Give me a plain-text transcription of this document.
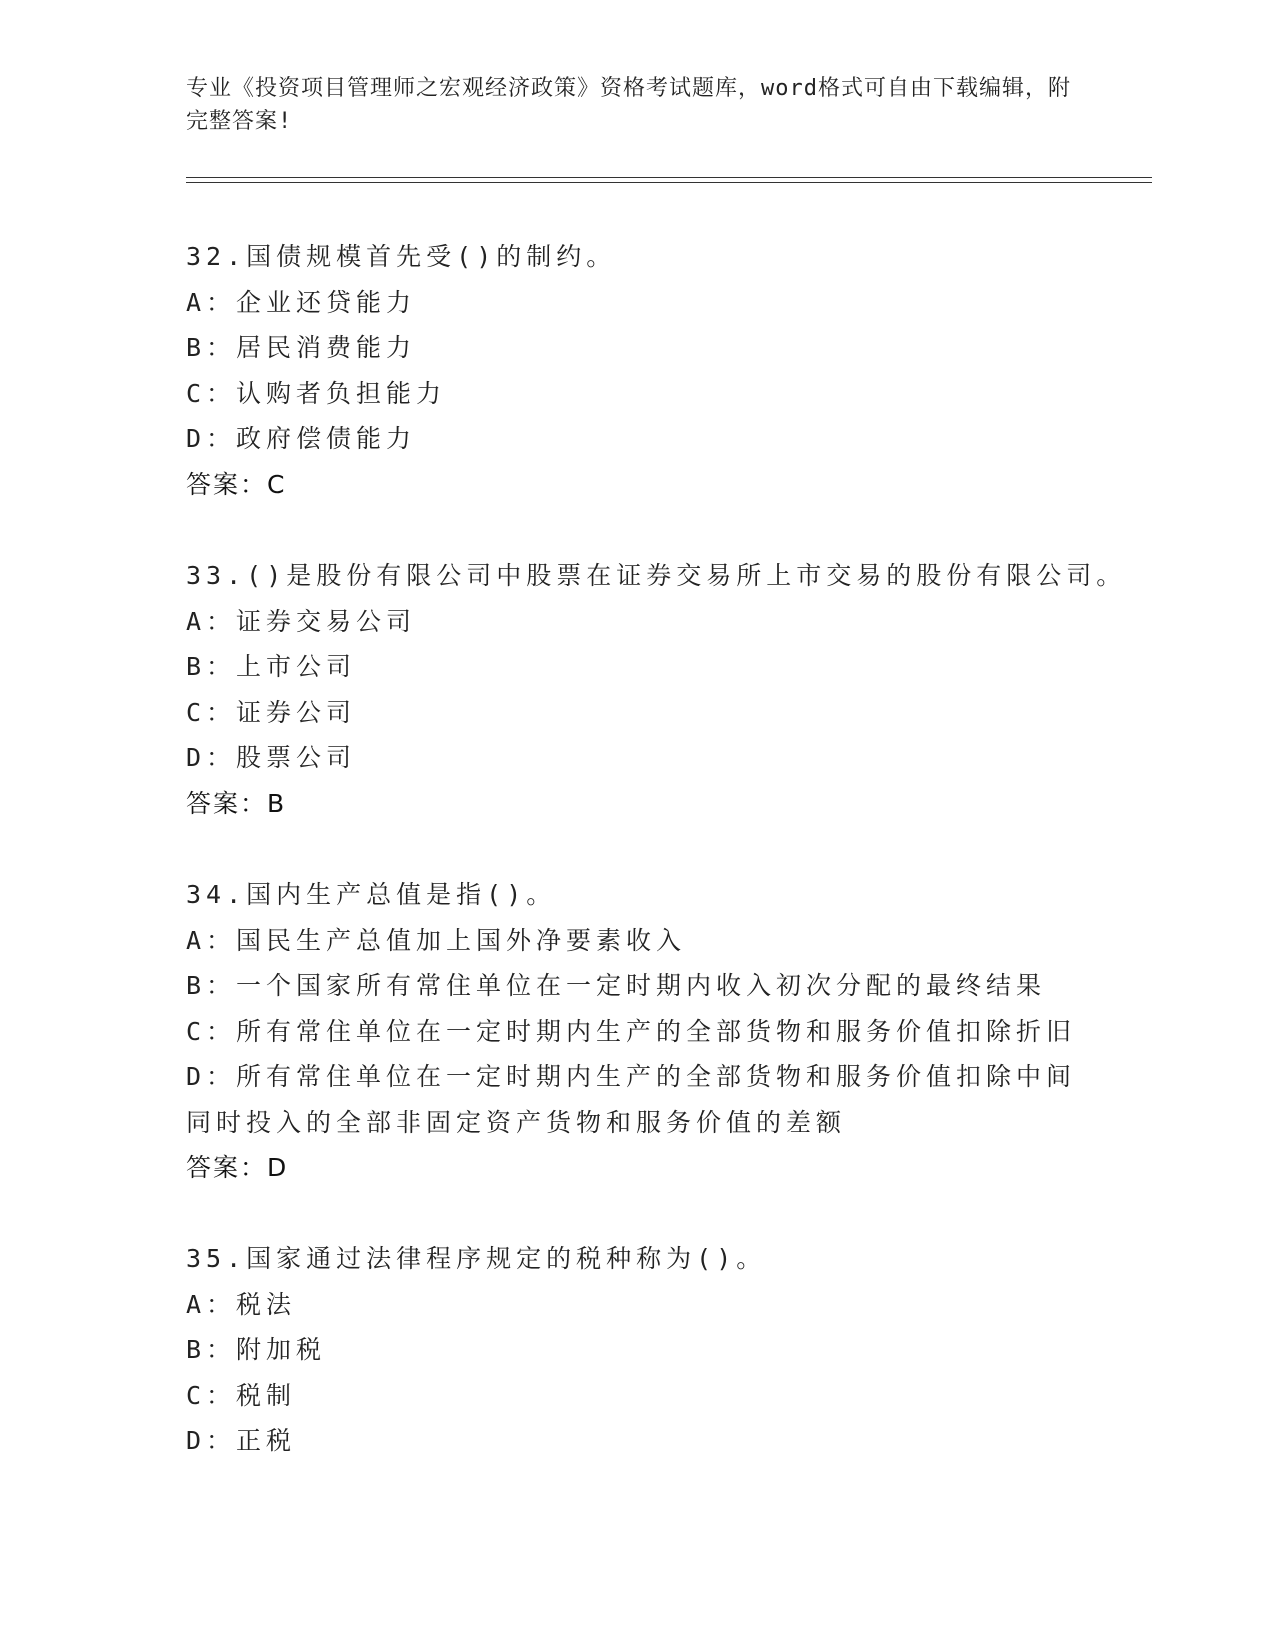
专业《投资项目管理师之宏观经济政策》资格考试题库，word格式可自由下载编辑，附完整答案!
32.国债规模首先受()的制约。
A：企业还贷能力
B：居民消费能力
C：认购者负担能力
D：政府偿债能力
答案：C
33.()是股份有限公司中股票在证券交易所上市交易的股份有限公司。
A：证券交易公司
B：上市公司
C：证券公司
D：股票公司
答案：B
34.国内生产总值是指()。
A：国民生产总值加上国外净要素收入
B：一个国家所有常住单位在一定时期内收入初次分配的最终结果
C：所有常住单位在一定时期内生产的全部货物和服务价值扣除折旧
D：所有常住单位在一定时期内生产的全部货物和服务价值扣除中间同时投入的全部非固定资产货物和服务价值的差额
答案：D
35.国家通过法律程序规定的税种称为()。
A：税法
B：附加税
C：税制
D：正税
